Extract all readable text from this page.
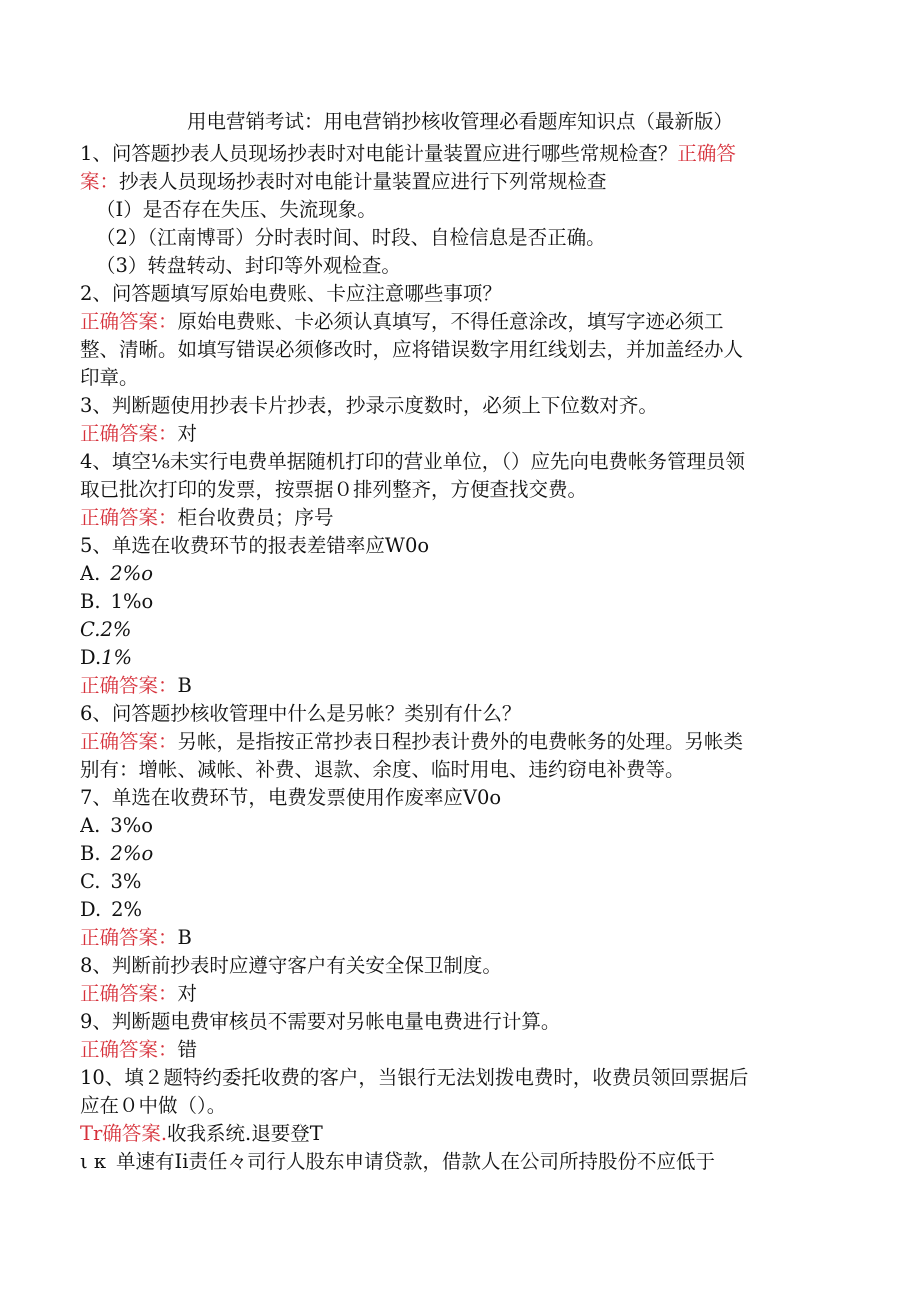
用电营销考试：用电营销抄核收管理必看题库知识点（最新版）
1、问答题抄表人员现场抄表时对电能计量装置应进行哪些常规检查？正确答
案：抄表人员现场抄表时对电能计量装置应进行下列常规检查
（I）是否存在失压、失流现象。
（2）（江南博哥）分时表时间、时段、自检信息是否正确。
（3）转盘转动、封印等外观检查。
2、问答题填写原始电费账、卡应注意哪些事项？
正确答案：原始电费账、卡必须认真填写，不得任意涂改，填写字迹必须工
整、清晰。如填写错误必须修改时，应将错误数字用红线划去，并加盖经办人
印章。
3、判断题使用抄表卡片抄表，抄录示度数时，必须上下位数对齐。
正确答案：对
4、填空⅛未实行电费单据随机打印的营业单位，（）应先向电费帐务管理员领
取已批次打印的发票，按票据０排列整齐，方便查找交费。
正确答案：柜台收费员；序号
5、单选在收费环节的报表差错率应W0o
A. 2%o
B. 1%o
C.2%
D.1%
正确答案：B
6、问答题抄核收管理中什么是另帐？类别有什么？
正确答案：另帐，是指按正常抄表日程抄表计费外的电费帐务的处理。另帐类
别有：增帐、减帐、补费、退款、余度、临时用电、违约窃电补费等。
7、单选在收费环节，电费发票使用作废率应V0o
A. 3%o
B. 2%o
C. 3%
D. 2%
正确答案：B
8、判断前抄表时应遵守客户有关安全保卫制度。
正确答案：对
9、判断题电费审核员不需要对另帐电量电费进行计算。
正确答案：错
10、填２题特约委托收费的客户，当银行无法划拨电费时，收费员领回票据后
应在０中做（）。
Tr确答案.收我系统.退要登T
ι κ 单速有Ii责任々司行人股东申请贷款，借款人在公司所持股份不应低于
